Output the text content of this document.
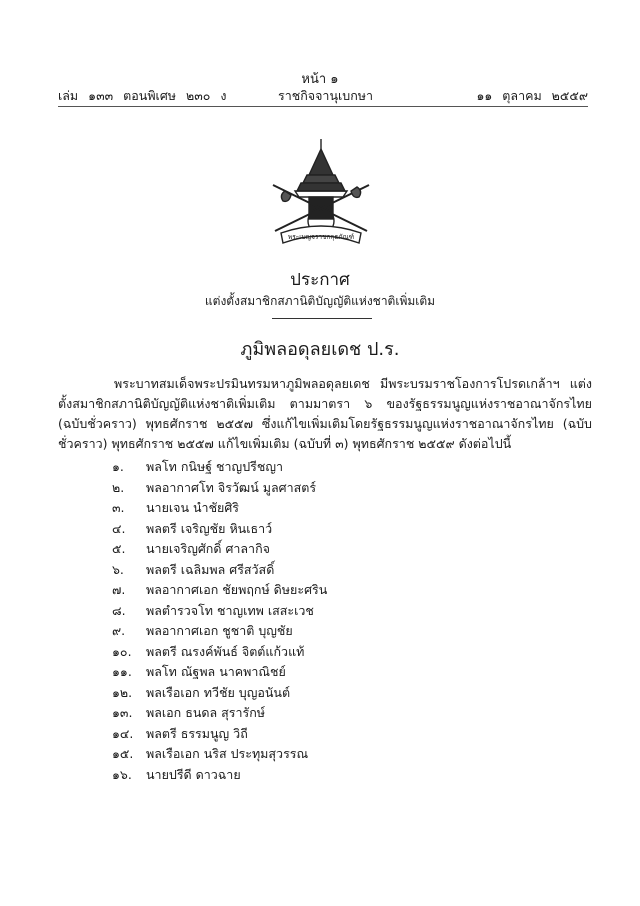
หน้า ๑
เล่ม ๑๓๓ ตอนพิเศษ ๒๓๐ ง	ราชกิจจานุเบกษา	๑๑ ตุลาคม ๒๕๕๙
พระเบญจราชกกุธภัณฑ์
ประกาศ
แต่งตั้งสมาชิกสภานิติบัญญัติแห่งชาติเพิ่มเติม
ภูมิพลอดุลยเดช ป.ร.
พระบาทสมเด็จพระปรมินทรมหาภูมิพลอดุลยเดช มีพระบรมราชโองการโปรดเกล้าฯ แต่งตั้งสมาชิกสภานิติบัญญัติแห่งชาติเพิ่มเติม ตามมาตรา ๖ ของรัฐธรรมนูญแห่งราชอาณาจักรไทย (ฉบับชั่วคราว) พุทธศักราช ๒๕๕๗ ซึ่งแก้ไขเพิ่มเติมโดยรัฐธรรมนูญแห่งราชอาณาจักรไทย (ฉบับชั่วคราว) พุทธศักราช ๒๕๕๗ แก้ไขเพิ่มเติม (ฉบับที่ ๓) พุทธศักราช ๒๕๕๙ ดังต่อไปนี้
๑.	พลโท กนิษฐ์ ชาญปรีชญา
๒.	พลอากาศโท จิรวัฒน์ มูลศาสตร์
๓.	นายเจน นำชัยศิริ
๔.	พลตรี เจริญชัย หินเธาว์
๕.	นายเจริญศักดิ์ ศาลากิจ
๖.	พลตรี เฉลิมพล ศรีสวัสดิ์
๗.	พลอากาศเอก ชัยพฤกษ์ ดิษยะศริน
๘.	พลตำรวจโท ชาญเทพ เสสะเวช
๙.	พลอากาศเอก ชูชาติ บุญชัย
๑๐.	พลตรี ณรงค์พันธ์ จิตต์แก้วแท้
๑๑.	พลโท ณัฐพล นาคพาณิชย์
๑๒.	พลเรือเอก ทวีชัย บุญอนันต์
๑๓.	พลเอก ธนดล สุรารักษ์
๑๔.	พลตรี ธรรมนูญ วิถี
๑๕.	พลเรือเอก นริส ประทุมสุวรรณ
๑๖.	นายปรีดี ดาวฉาย
